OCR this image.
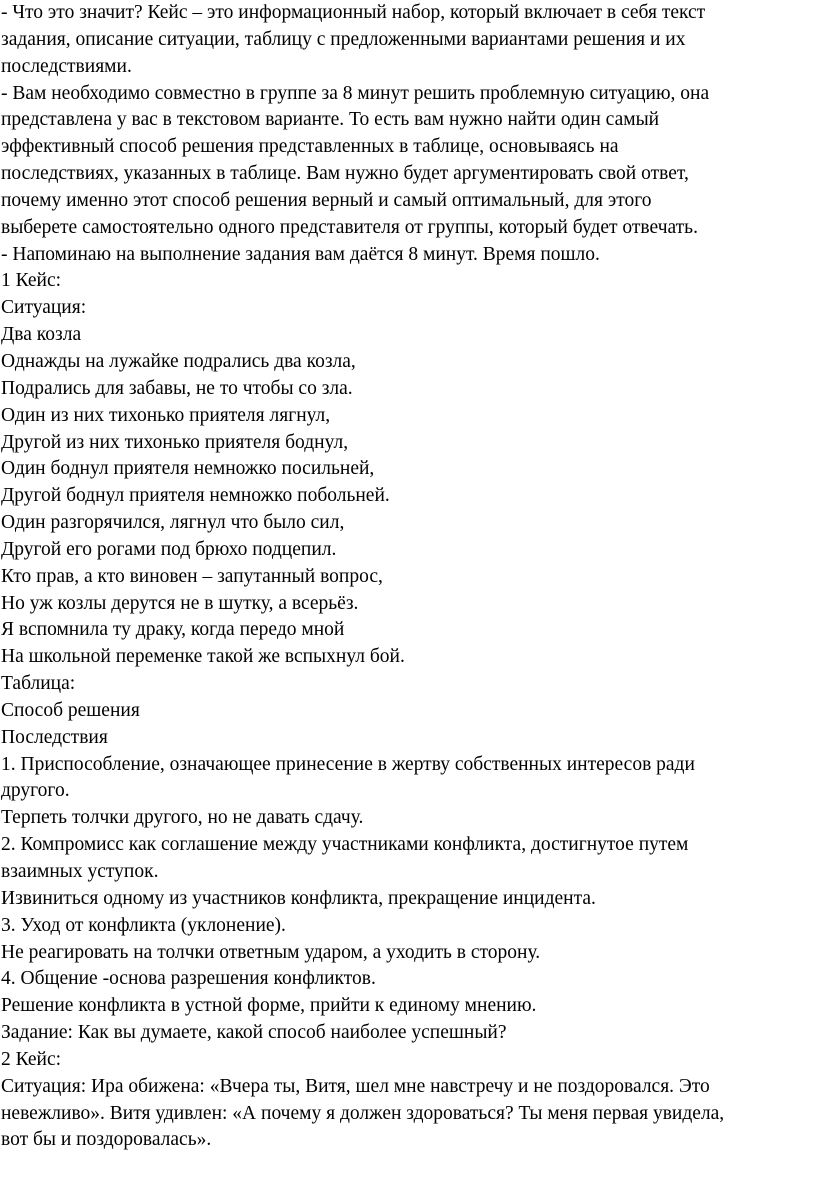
- Что это значит? Кейс – это информационный набор, который включает в себя текст
задания, описание ситуации, таблицу с предложенными вариантами решения и их
последствиями.
- Вам необходимо совместно в группе за 8 минут решить проблемную ситуацию, она
представлена у вас в текстовом варианте. То есть вам нужно найти один самый
эффективный способ решения представленных в таблице, основываясь на
последствиях, указанных в таблице. Вам нужно будет аргументировать свой ответ,
почему именно этот способ решения верный и самый оптимальный, для этого
выберете самостоятельно одного представителя от группы, который будет отвечать.
- Напоминаю на выполнение задания вам даётся 8 минут. Время пошло.
1 Кейс:
Ситуация:
Два козла
Однажды на лужайке подрались два козла,
Подрались для забавы, не то чтобы со зла.
Один из них тихонько приятеля лягнул,
Другой из них тихонько приятеля боднул,
Один боднул приятеля немножко посильней,
Другой боднул приятеля немножко побольней.
Один разгорячился, лягнул что было сил,
Другой его рогами под брюхо подцепил.
Кто прав, а кто виновен – запутанный вопрос,
Но уж козлы дерутся не в шутку, а всерьёз.
Я вспомнила ту драку, когда передо мной
На школьной переменке такой же вспыхнул бой.
Таблица:
Способ решения
Последствия
1. Приспособление, означающее принесение в жертву собственных интересов ради
другого.
Терпеть толчки другого, но не давать сдачу.
2. Компромисс как соглашение между участниками конфликта, достигнутое путем
взаимных уступок.
Извиниться одному из участников конфликта, прекращение инцидента.
3. Уход от конфликта (уклонение).
Не реагировать на толчки ответным ударом, а уходить в сторону.
4. Общение -основа разрешения конфликтов.
Решение конфликта в устной форме, прийти к единому мнению.
Задание: Как вы думаете, какой способ наиболее успешный?
2 Кейс:
Ситуация: Ира обижена: «Вчера ты, Витя, шел мне навстречу и не поздоровался. Это
невежливо». Витя удивлен: «А почему я должен здороваться? Ты меня первая увидела,
вот бы и поздоровалась».
